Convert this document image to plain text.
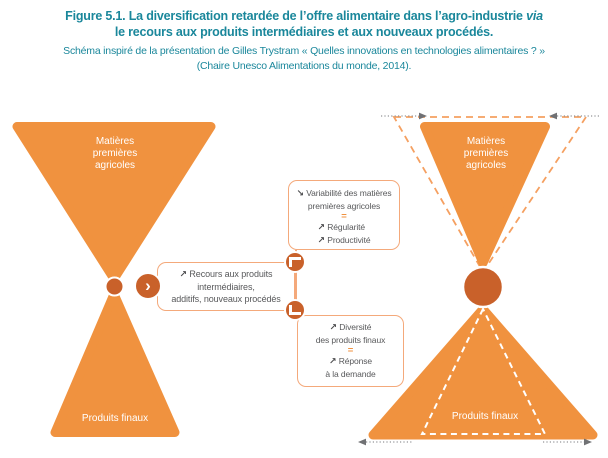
Figure 5.1. La diversification retardée de l’offre alimentaire dans l’agro-industrie via
le recours aux produits intermédiaires et aux nouveaux procédés.
Schéma inspiré de la présentation de Gilles Trystram « Quelles innovations en technologies alimentaires ? »
(Chaire Unesco Alimentations du monde, 2014).
Matières premières agricoles
Produits finaux
Matières premières agricoles
Produits finaux
↗ Recours aux produits
intermédiaires,
additifs, nouveaux procédés
↘ Variabilité des matières
premières agricoles
=
↗ Régularité
↗ Productivité
↗ Diversité
des produits finaux
=
↗ Réponse
à la demande
›
